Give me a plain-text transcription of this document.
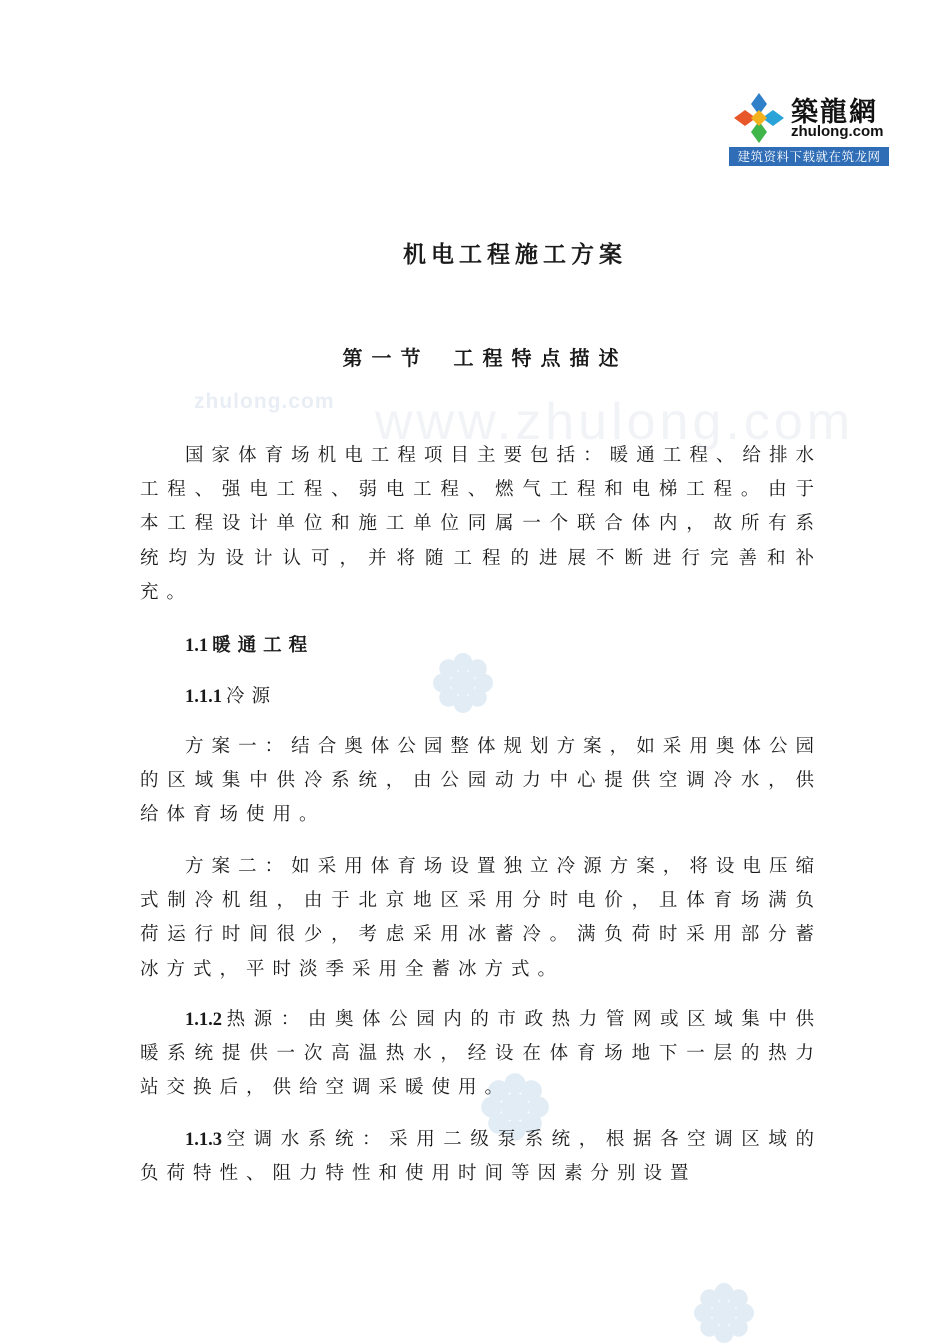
築龍網
zhulong.com
建筑资料下载就在筑龙网
zhulong.com www.zhulong.com
机电工程施工方案
第一节 工程特点描述

国家体育场机电工程项目主要包括：暖通工程、给排水工程、强电工程、弱电工程、燃气工程和电梯工程。由于本工程设计单位和施工单位同属一个联合体内，故所有系统均为设计认可，并将随工程的进展不断进行完善和补充。

1.1 暖通工程
1.1.1 冷源

方案一：结合奥体公园整体规划方案，如采用奥体公园的区域集中供冷系统，由公园动力中心提供空调冷水，供给体育场使用。

方案二：如采用体育场设置独立冷源方案，将设电压缩式制冷机组，由于北京地区采用分时电价，且体育场满负荷运行时间很少，考虑采用冰蓄冷。满负荷时采用部分蓄冰方式，平时淡季采用全蓄冰方式。

1.1.2 热源：由奥体公园内的市政热力管网或区域集中供暖系统提供一次高温热水，经设在体育场地下一层的热力站交换后，供给空调采暖使用。

1.1.3 空调水系统：采用二级泵系统，根据各空调区域的负荷特性、阻力特性和使用时间等因素分别设置
